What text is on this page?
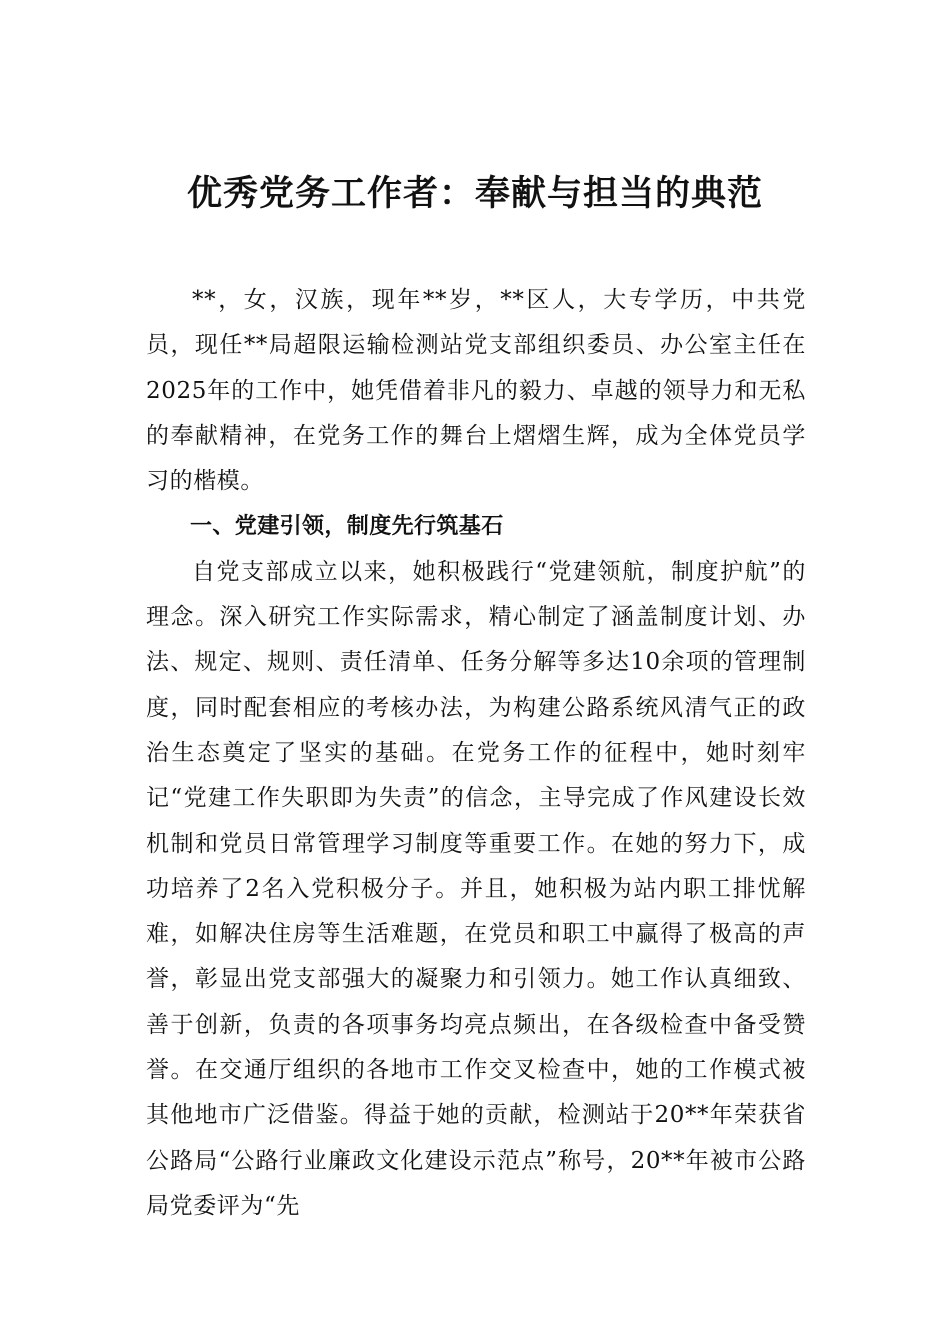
优秀党务工作者：奉献与担当的典范

**，女，汉族，现年**岁，**区人，大专学历，中共党员，现任**局超限运输检测站党支部组织委员、办公室主任在2025年的工作中，她凭借着非凡的毅力、卓越的领导力和无私的奉献精神，在党务工作的舞台上熠熠生辉，成为全体党员学习的楷模。

一、党建引领，制度先行筑基石

自党支部成立以来，她积极践行“党建领航，制度护航”的理念。深入研究工作实际需求，精心制定了涵盖制度计划、办法、规定、规则、责任清单、任务分解等多达10余项的管理制度，同时配套相应的考核办法，为构建公路系统风清气正的政治生态奠定了坚实的基础。在党务工作的征程中，她时刻牢记“党建工作失职即为失责”的信念，主导完成了作风建设长效机制和党员日常管理学习制度等重要工作。在她的努力下，成功培养了2名入党积极分子。并且，她积极为站内职工排忧解难，如解决住房等生活难题，在党员和职工中赢得了极高的声誉，彰显出党支部强大的凝聚力和引领力。她工作认真细致、善于创新，负责的各项事务均亮点频出，在各级检查中备受赞誉。在交通厅组织的各地市工作交叉检查中，她的工作模式被其他地市广泛借鉴。得益于她的贡献，检测站于20**年荣获省公路局“公路行业廉政文化建设示范点”称号，20**年被市公路局党委评为“先
